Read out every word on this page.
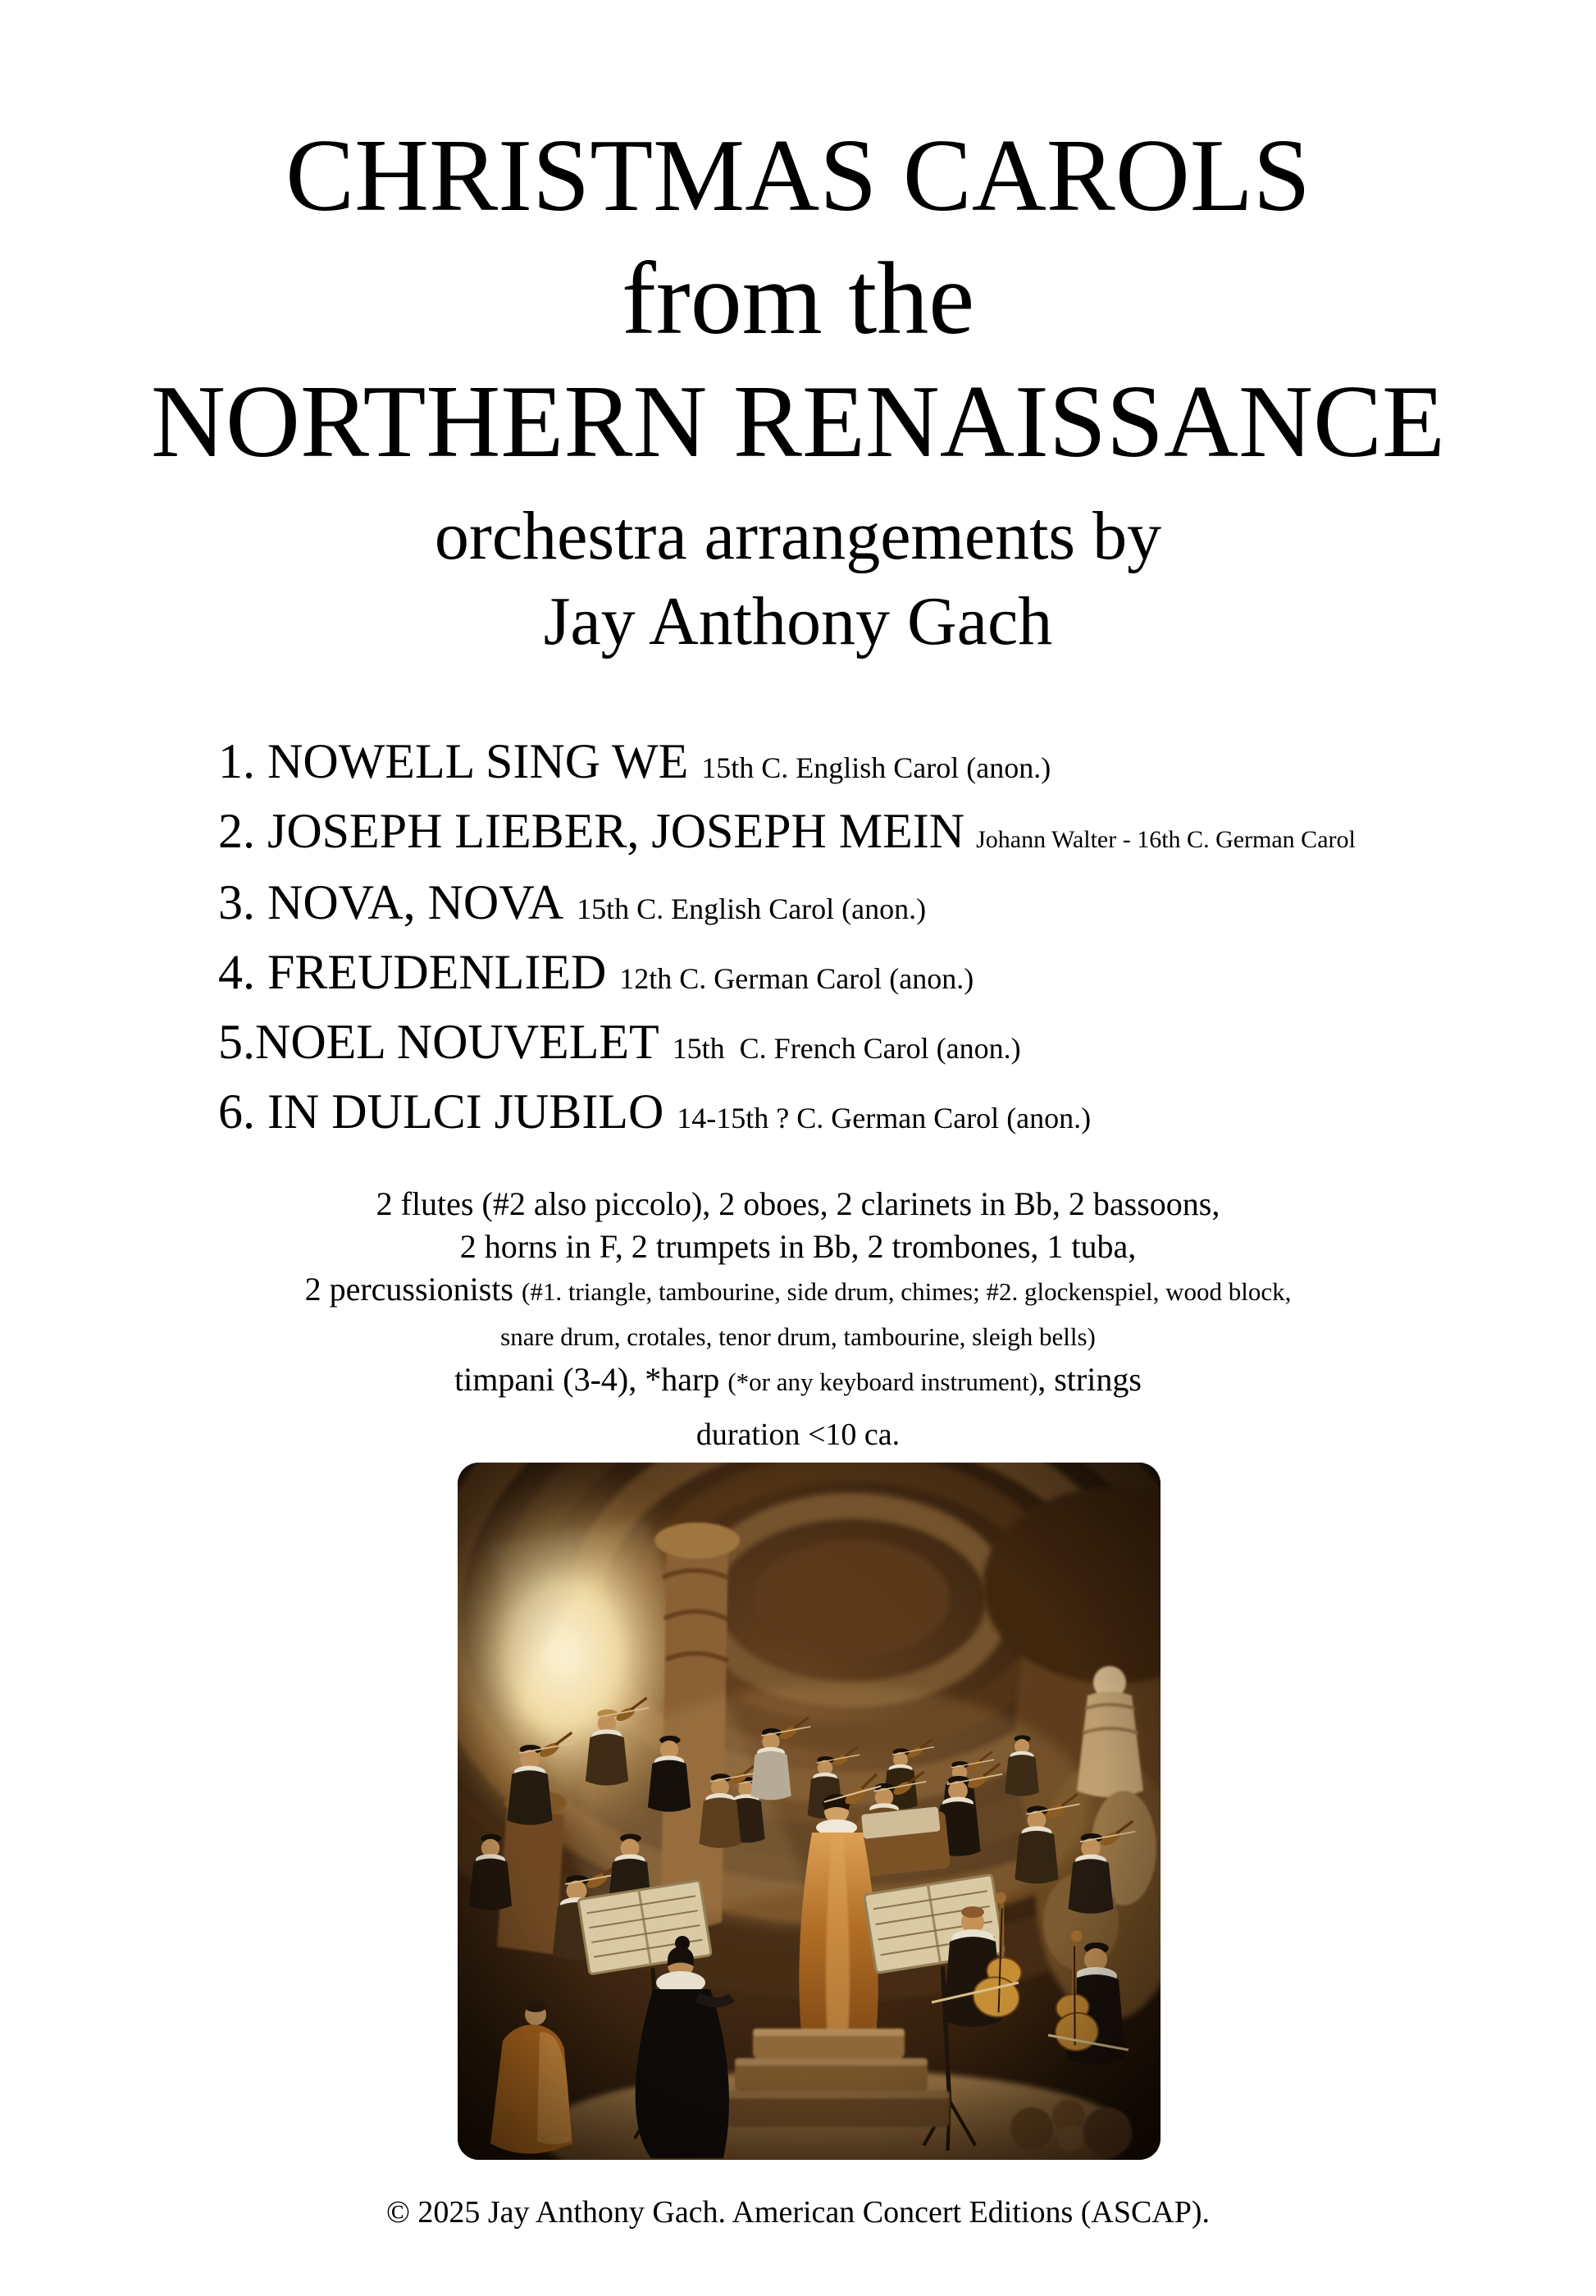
CHRISTMAS CAROLS
from the
NORTHERN RENAISSANCE
orchestra arrangements by
Jay Anthony Gach
1. NOWELL SING WE 15th C. English Carol (anon.)
2. JOSEPH LIEBER, JOSEPH MEIN Johann Walter - 16th C. German Carol
3. NOVA, NOVA 15th C. English Carol (anon.)
4. FREUDENLIED 12th C. German Carol (anon.)
5.NOEL NOUVELET 15th  C. French Carol (anon.)
6. IN DULCI JUBILO 14-15th ? C. German Carol (anon.)
2 flutes (#2 also piccolo), 2 oboes, 2 clarinets in Bb, 2 bassoons,
2 horns in F, 2 trumpets in Bb, 2 trombones, 1 tuba,
2 percussionists (#1. triangle, tambourine, side drum, chimes; #2. glockenspiel, wood block,
snare drum, crotales, tenor drum, tambourine, sleigh bells)
timpani (3-4), *harp (*or any keyboard instrument), strings
duration <10 ca.
© 2025 Jay Anthony Gach. American Concert Editions (ASCAP).
